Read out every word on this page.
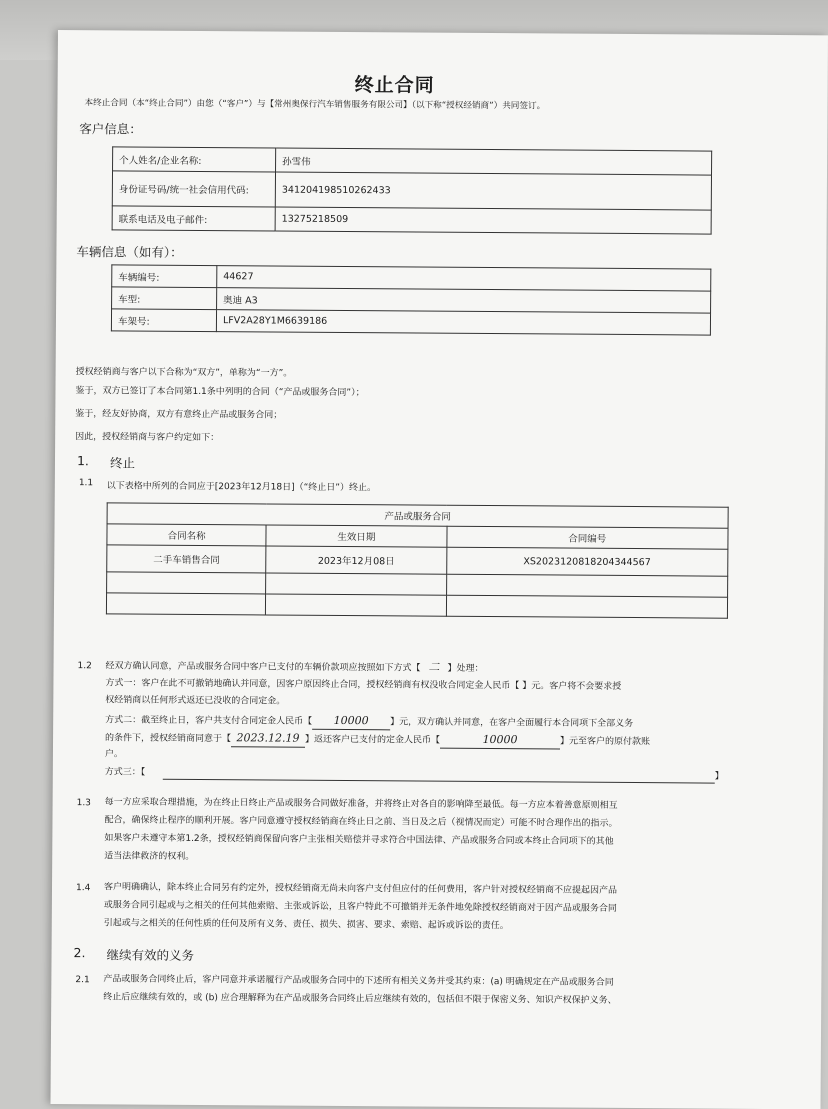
终止合同
本终止合同（本“终止合同”）由您（“客户”）与【常州奥保行汽车销售服务有限公司】（以下称“授权经销商”）共同签订。
客户信息：
个人姓名/企业名称:	孙雪伟
身份证号码/统一社会信用代码:	341204198510262433
联系电话及电子邮件:	13275218509
车辆信息（如有）：
车辆编号:	44627
车型:	奥迪 A3
车架号:	LFV2A28Y1M6639186
授权经销商与客户以下合称为“双方”，单称为“一方”。
鉴于，双方已签订了本合同第1.1条中列明的合同（“产品或服务合同”）；
鉴于，经友好协商，双方有意终止产品或服务合同；
因此，授权经销商与客户约定如下：
1. 终止
1.1 以下表格中所列的合同应于[2023年12月18日]（“终止日”）终止。
产品或服务合同		
合同名称	生效日期	合同编号
二手车销售合同	2023年12月08日	XS2023120818204344567

1.2 经双方确认同意，产品或服务合同中客户已支付的车辆价款项应按照如下方式【 二 】处理：
方式一：客户在此不可撤销地确认并同意，因客户原因终止合同，授权经销商有权没收合同定金人民币【 】元。客户将不会要求授
权经销商以任何形式返还已没收的合同定金。
方式二：截至终止日，客户共支付合同定金人民币【 10000 】元，双方确认并同意，在客户全面履行本合同项下全部义务
的条件下，授权经销商同意于【 2023.12.19 】返还客户已支付的定金人民币【	10000	】元至客户的原付款账
户。
方式三：【	】
1.3 每一方应采取合理措施，为在终止日终止产品或服务合同做好准备，并将终止对各自的影响降至最低。每一方应本着善意原则相互
配合，确保终止程序的顺利开展。客户同意遵守授权经销商在终止日之前、当日及之后（视情况而定）可能不时合理作出的指示。
如果客户未遵守本第1.2条，授权经销商保留向客户主张相关赔偿并寻求符合中国法律、产品或服务合同或本终止合同项下的其他
适当法律救济的权利。
1.4 客户明确确认，除本终止合同另有约定外，授权经销商无尚未向客户支付但应付的任何费用，客户针对授权经销商不应提起因产品
或服务合同引起或与之相关的任何其他索赔、主张或诉讼，且客户特此不可撤销并无条件地免除授权经销商对于因产品或服务合同
引起或与之相关的任何性质的任何及所有义务、责任、损失、损害、要求、索赔、起诉或诉讼的责任。
2. 继续有效的义务
2.1 产品或服务合同终止后，客户同意并承诺履行产品或服务合同中的下述所有相关义务并受其约束：(a) 明确规定在产品或服务合同
终止后应继续有效的，或 (b) 应合理解释为在产品或服务合同终止后应继续有效的，包括但不限于保密义务、知识产权保护义务、
